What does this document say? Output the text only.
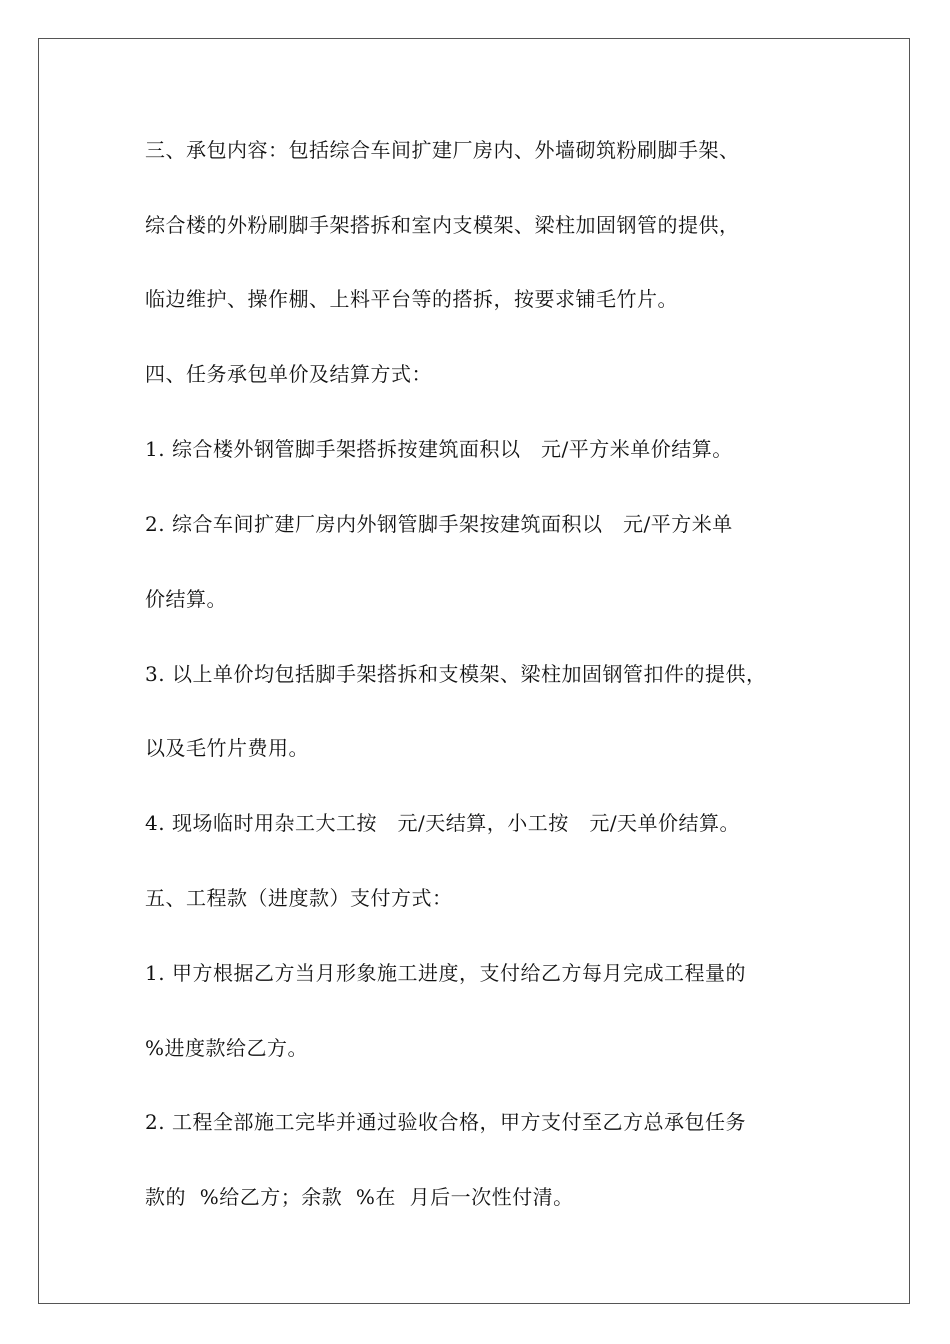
三、承包内容：包括综合车间扩建厂房内、外墙砌筑粉刷脚手架、

综合楼的外粉刷脚手架搭拆和室内支模架、梁柱加固钢管的提供，

临边维护、操作棚、上料平台等的搭拆，按要求铺毛竹片。

四、任务承包单价及结算方式：

1. 综合楼外钢管脚手架搭拆按建筑面积以   元/平方米单价结算。

2. 综合车间扩建厂房内外钢管脚手架按建筑面积以   元/平方米单

价结算。

3. 以上单价均包括脚手架搭拆和支模架、梁柱加固钢管扣件的提供，

以及毛竹片费用。

4. 现场临时用杂工大工按   元/天结算，小工按   元/天单价结算。

五、工程款（进度款）支付方式：

1. 甲方根据乙方当月形象施工进度，支付给乙方每月完成工程量的

%进度款给乙方。

2. 工程全部施工完毕并通过验收合格，甲方支付至乙方总承包任务

款的  %给乙方；余款  %在  月后一次性付清。
